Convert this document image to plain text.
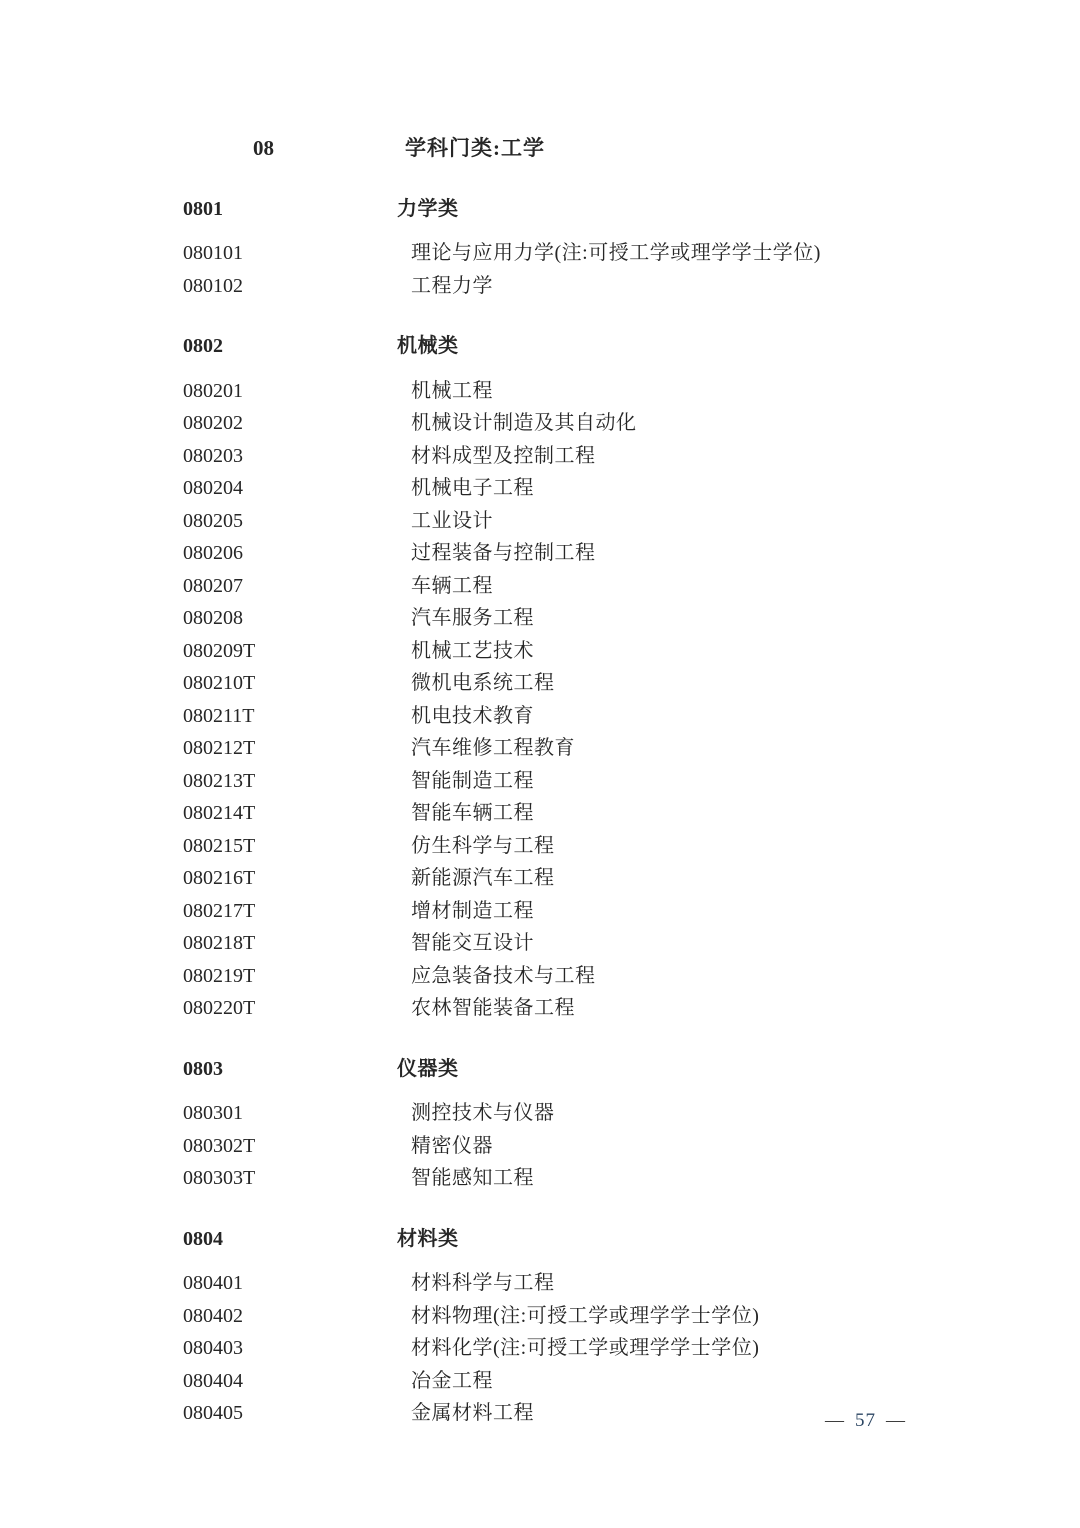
08	学科门类:工学
0801	力学类
080101	理论与应用力学(注:可授工学或理学学士学位)
080102	工程力学
0802	机械类
080201	机械工程
080202	机械设计制造及其自动化
080203	材料成型及控制工程
080204	机械电子工程
080205	工业设计
080206	过程装备与控制工程
080207	车辆工程
080208	汽车服务工程
080209T	机械工艺技术
080210T	微机电系统工程
080211T	机电技术教育
080212T	汽车维修工程教育
080213T	智能制造工程
080214T	智能车辆工程
080215T	仿生科学与工程
080216T	新能源汽车工程
080217T	增材制造工程
080218T	智能交互设计
080219T	应急装备技术与工程
080220T	农林智能装备工程
0803	仪器类
080301	测控技术与仪器
080302T	精密仪器
080303T	智能感知工程
0804	材料类
080401	材料科学与工程
080402	材料物理(注:可授工学或理学学士学位)
080403	材料化学(注:可授工学或理学学士学位)
080404	冶金工程
080405	金属材料工程	— 57 —
